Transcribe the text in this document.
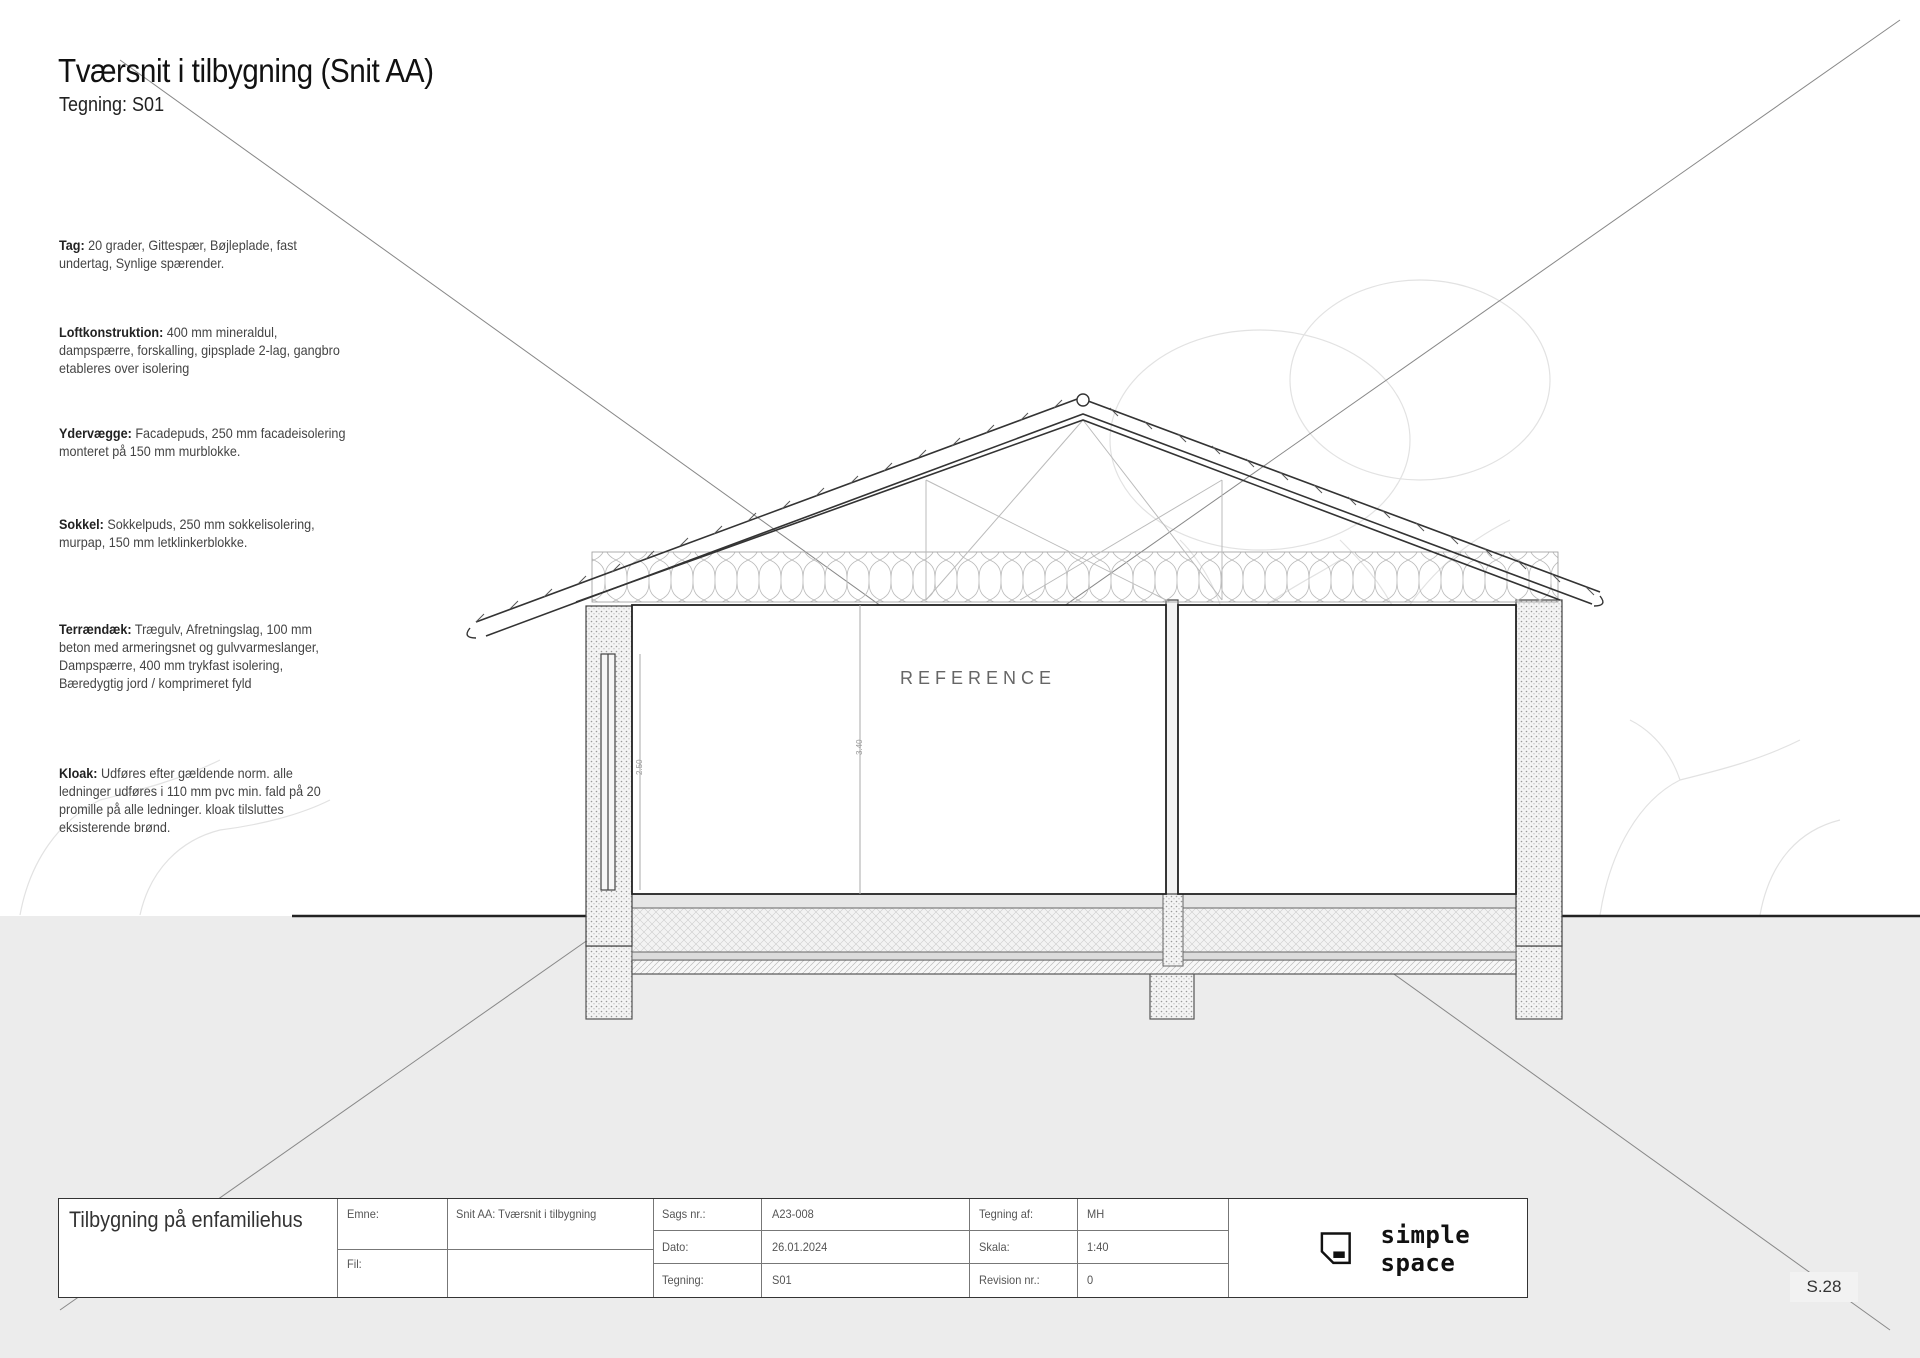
2.50
3.40
Tværsnit i tilbygning (Snit AA)
Tegning: S01
Tag: 20 grader, Gittespær, Bøjleplade, fast undertag, Synlige spærender.
Loftkonstruktion: 400 mm mineraldul, dampspærre, forskalling, gipsplade 2-lag, gangbro etableres over isolering
Ydervægge: Facadepuds, 250 mm facadeisolering monteret på 150 mm murblokke.
Sokkel: Sokkelpuds, 250 mm sokkelisolering, murpap, 150 mm letklinkerblokke.
Terrændæk: Trægulv, Afretningslag, 100 mm beton med armeringsnet og gulvvarmeslanger, Dampspærre, 400 mm trykfast isolering, Bæredygtig jord / komprimeret fyld
Kloak: Udføres efter gældende norm. alle ledninger udføres i 110 mm pvc min. fald på 20 promille på alle ledninger. kloak tilsluttes eksisterende brønd.
REFERENCE
Tilbygning på enfamiliehus	Emne:	Snit AA: Tværsnit i tilbygning
Fil:
Sags nr.:	A23-008
Dato:	26.01.2024
Tegning:	S01
Tegning af:	MH
Skala:	1:40
Revision nr.:	0
simple space
S.28
